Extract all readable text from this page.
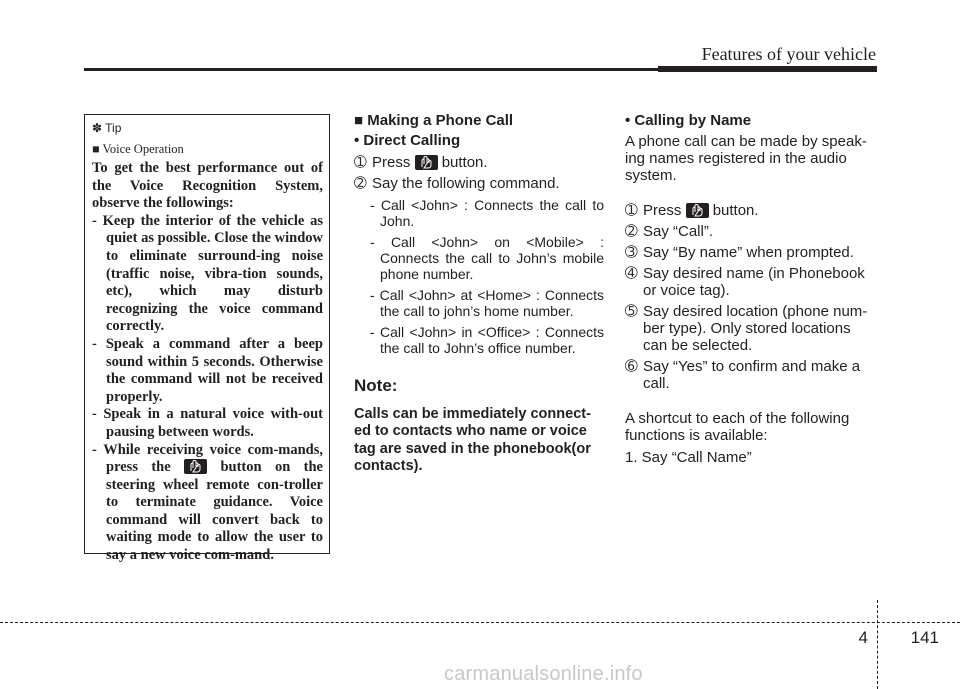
Features of your vehicle
✽ Tip
■ Voice Operation
To get the best performance out of the Voice Recognition System, observe the followings:
- Keep the interior of the vehicle as quiet as possible. Close the window to eliminate surround-ing noise (traffic noise, vibra-tion sounds, etc), which may disturb recognizing the voice command correctly.
- Speak a command after a beep sound within 5 seconds. Otherwise the command will not be received properly.
- Speak in a natural voice with-out pausing between words.
- While receiving voice com-mands, press the	button on the steering wheel remote con-troller to terminate guidance. Voice command will convert back to waiting mode to allow the user to say a new voice com-mand.
■ Making a Phone Call
• Direct Calling
➀ Press button.
➁ Say the following command.
- Call <John> : Connects the call to John.
- Call <John> on <Mobile> : Connects the call to John’s mobile phone number.
- Call <John> at <Home> : Connects the call to john’s home number.
- Call <John> in <Office> : Connects the call to John’s office number.
Note:
Calls can be immediately connect-ed to contacts who name or voice tag are saved in the phonebook(or contacts).
• Calling by Name
A phone call can be made by speak-ing names registered in the audio system.
➀ Press button.
➁ Say “Call”.
➂ Say “By name” when prompted.
➃ Say desired name (in Phonebook or voice tag).
➄ Say desired location (phone num-ber type). Only stored locations can be selected.
➅ Say “Yes” to confirm and make a call.
A shortcut to each of the following functions is available:
1. Say “Call Name”
4	141
carmanualsonline.info
